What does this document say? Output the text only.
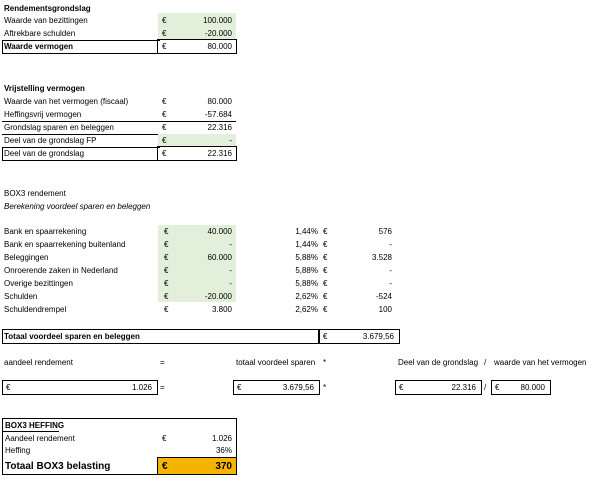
Rendementsgrondslag
Waarde van bezittingen	€	100.000
Aftrekbare schulden	€	-20.000
Waarde vermogen	€	80.000
Vrijstelling vermogen
Waarde van het vermogen (fiscaal)	€	80.000
Heffingsvrij vermogen	€	-57.684
Grondslag sparen en beleggen	€	22.316
Deel van de grondslag FP	€	-
Deel van de grondslag	€	22.316
BOX3 rendement
Berekening voordeel sparen en beleggen
Bank en spaarrekening	€	40.000	1,44% €	576
Bank en spaarrekening buitenland	€	-	1,44% €	-
Beleggingen	€	60.000	5,88% €	3.528
Onroerende zaken in Nederland	€	-	5,88% €	-
Overige bezittingen	€	-	5,88% €	-
Schulden	€	-20.000	2,62% €	-524
Schuldendrempel	€	3.800	2,62% €	100
Totaal voordeel sparen en beleggen	€	3.679,56
aandeel rendement	=	totaal voordeel sparen *	Deel van de grondslag / waarde van het vermogen
€	1.026 =	€	3.679,56 *	€	22.316 / €	80.000
BOX3 HEFFING
Aandeel rendement	€	1.026
Heffing	36%
Totaal BOX3 belasting	€	370
